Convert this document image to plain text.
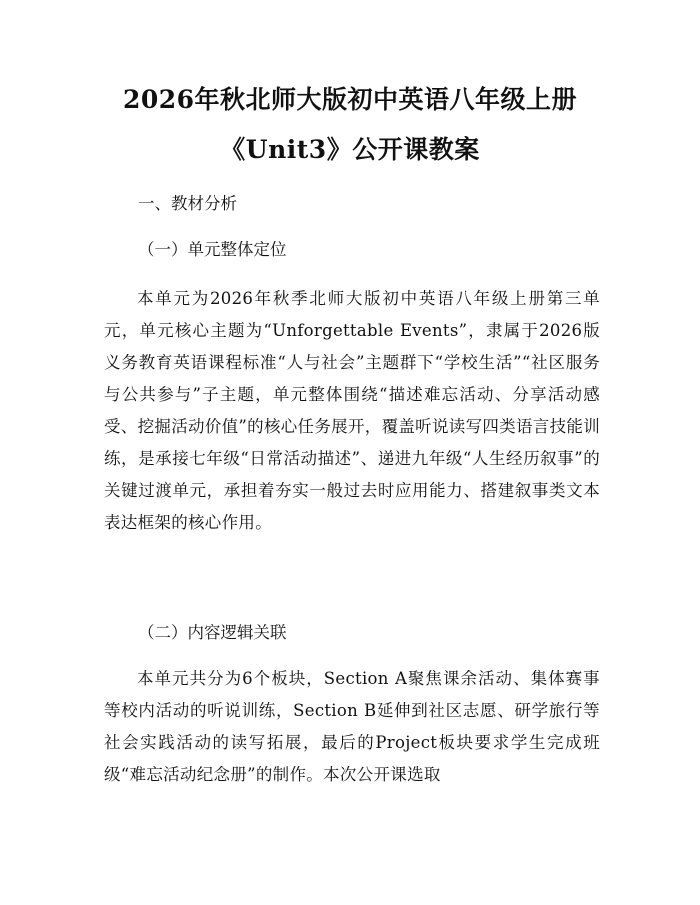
2026年秋北师大版初中英语八年级上册
《Unit3》公开课教案
一、教材分析
（一）单元整体定位

本单元为2026年秋季北师大版初中英语八年级上册第三单元，单元核心主题为“Unforgettable Events”，隶属于2026版义务教育英语课程标准“人与社会”主题群下“学校生活”“社区服务与公共参与”子主题，单元整体围绕“描述难忘活动、分享活动感受、挖掘活动价值”的核心任务展开，覆盖听说读写四类语言技能训练，是承接七年级“日常活动描述”、递进九年级“人生经历叙事”的关键过渡单元，承担着夯实一般过去时应用能力、搭建叙事类文本表达框架的核心作用。

（二）内容逻辑关联

本单元共分为6个板块，Section A聚焦课余活动、集体赛事等校内活动的听说训练，Section B延伸到社区志愿、研学旅行等社会实践活动的读写拓展，最后的Project板块要求学生完成班级“难忘活动纪念册”的制作。本次公开课选取
